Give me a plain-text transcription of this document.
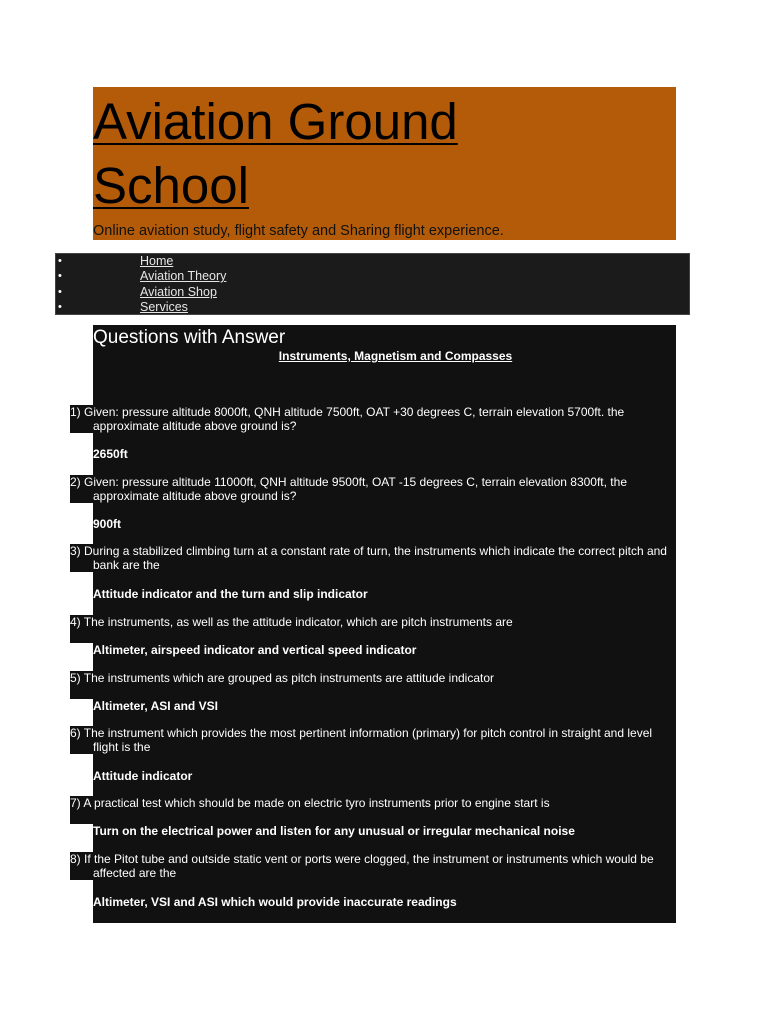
Aviation Ground School

Online aviation study, flight safety and Sharing flight experience.

•	Home
•	Aviation Theory
•	Aviation Shop
•	Services
Questions with Answer

Instruments, Magnetism and Compasses

1) Given: pressure altitude 8000ft, QNH altitude 7500ft, OAT +30 degrees C, terrain elevation 5700ft. the approximate altitude above ground is?
2650ft
2) Given: pressure altitude 11000ft, QNH altitude 9500ft, OAT -15 degrees C, terrain elevation 8300ft, the approximate altitude above ground is?
900ft
3) During a stabilized climbing turn at a constant rate of turn, the instruments which indicate the correct pitch and bank are the
Attitude indicator and the turn and slip indicator
4) The instruments, as well as the attitude indicator, which are pitch instruments are
Altimeter, airspeed indicator and vertical speed indicator
5) The instruments which are grouped as pitch instruments are attitude indicator
Altimeter, ASI and VSI
6) The instrument which provides the most pertinent information (primary) for pitch control in straight and level flight is the
Attitude indicator
7) A practical test which should be made on electric tyro instruments prior to engine start is
Turn on the electrical power and listen for any unusual or irregular mechanical noise
8) If the Pitot tube and outside static vent or ports were clogged, the instrument or instruments which would be affected are the
Altimeter, VSI and ASI which would provide inaccurate readings
